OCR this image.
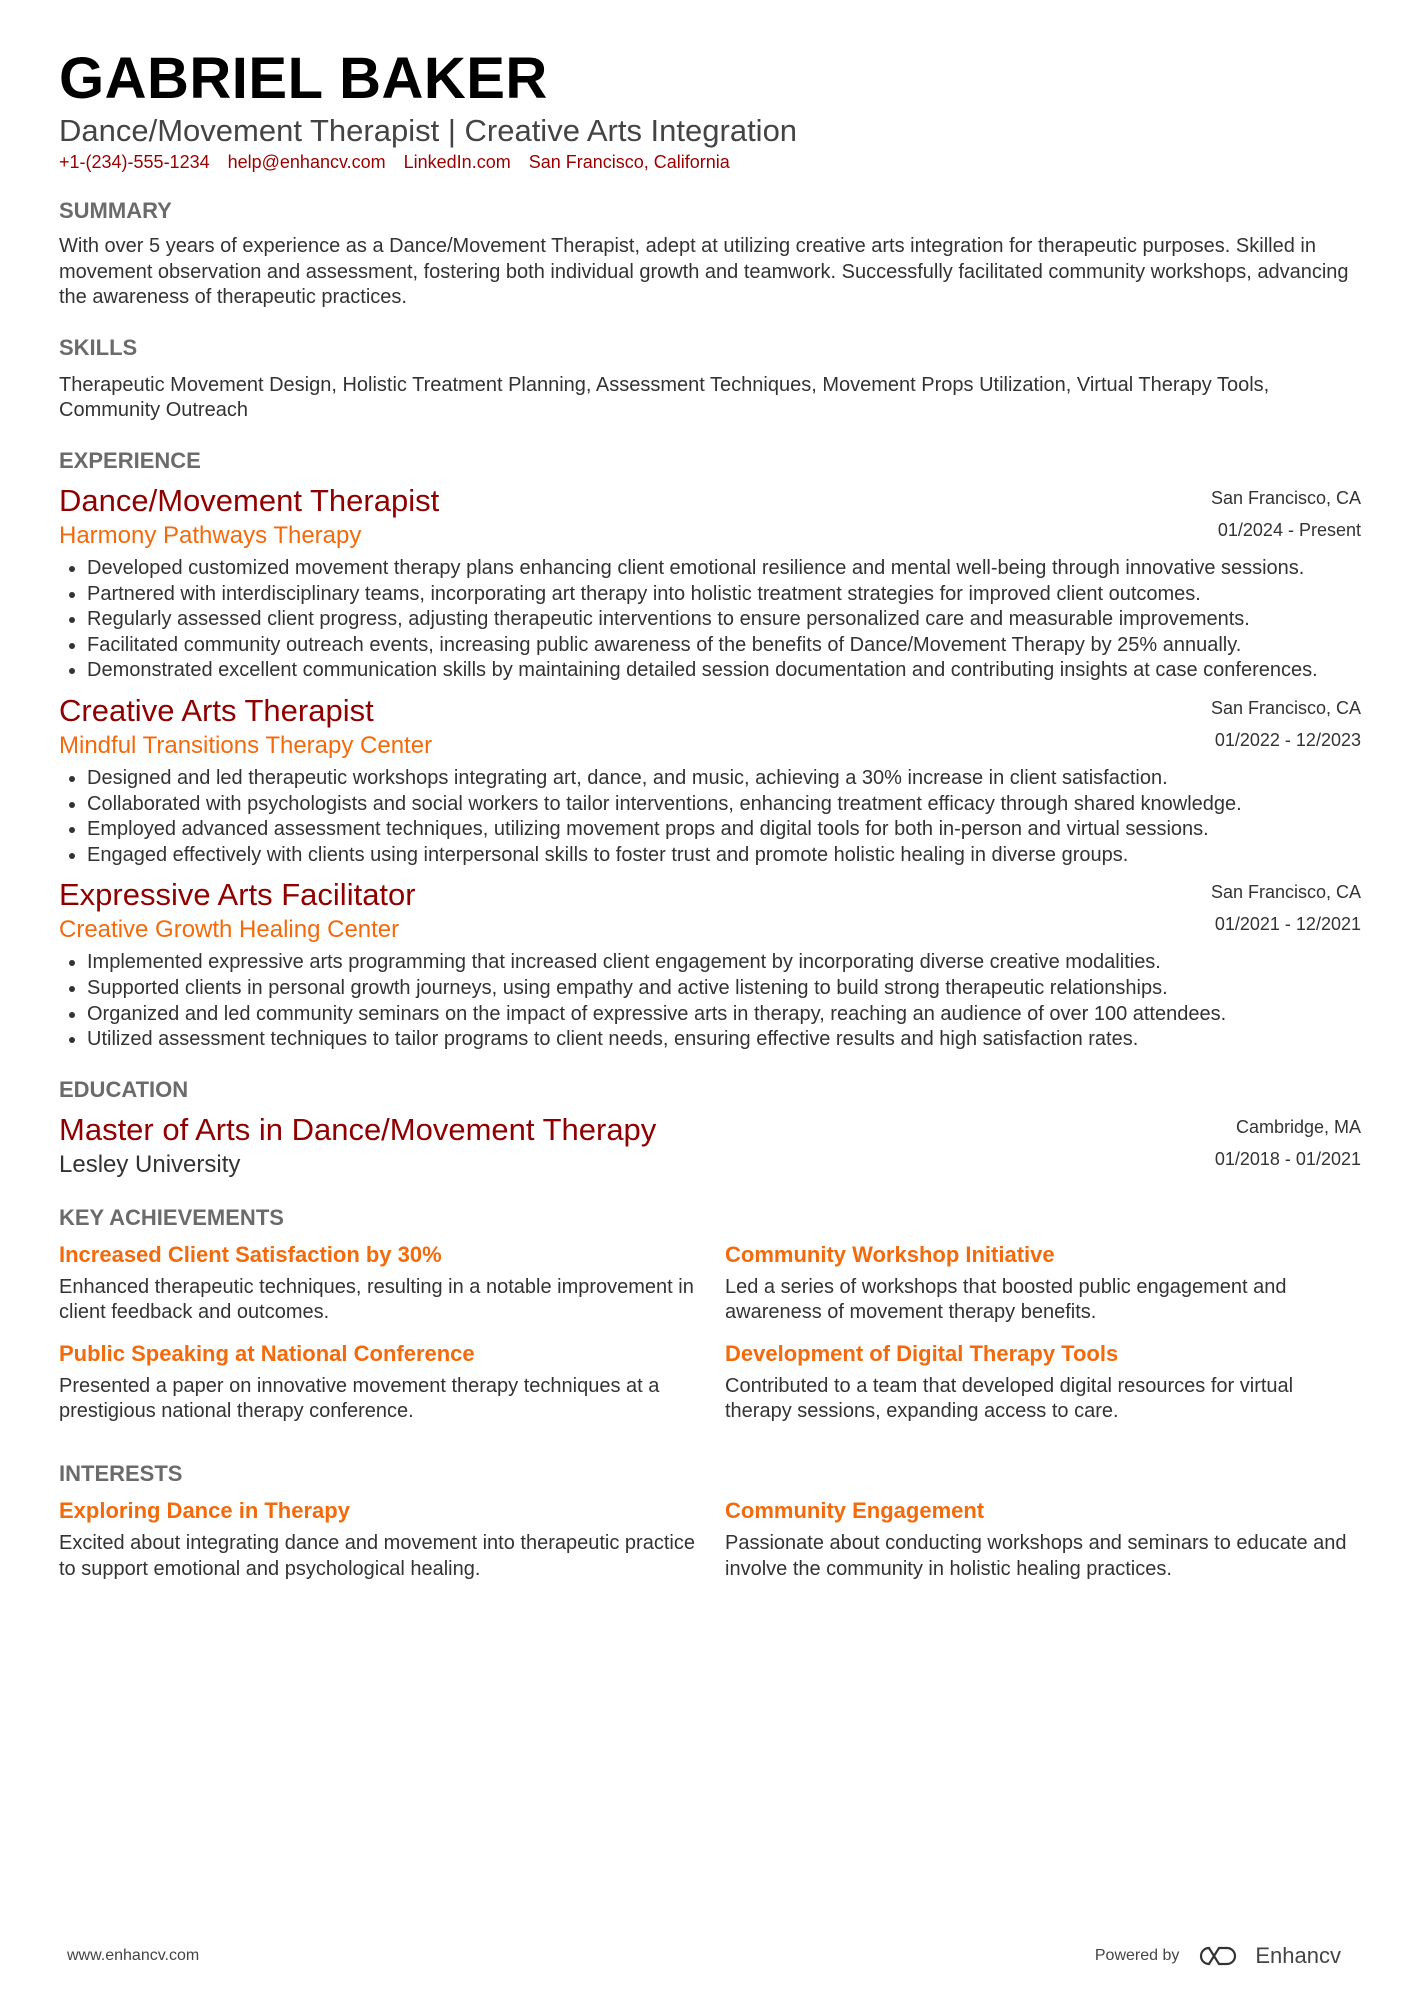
GABRIEL BAKER
Dance/Movement Therapist | Creative Arts Integration
+1-(234)-555-1234 help@enhancv.com LinkedIn.com San Francisco, California
SUMMARY
With over 5 years of experience as a Dance/Movement Therapist, adept at utilizing creative arts integration for therapeutic purposes. Skilled in movement observation and assessment, fostering both individual growth and teamwork. Successfully facilitated community workshops, advancing the awareness of therapeutic practices.
SKILLS
Therapeutic Movement Design, Holistic Treatment Planning, Assessment Techniques, Movement Props Utilization, Virtual Therapy Tools, Community Outreach
EXPERIENCE
Dance/Movement Therapist
Harmony Pathways Therapy
San Francisco, CA
01/2024 - Present
• Developed customized movement therapy plans enhancing client emotional resilience and mental well-being through innovative sessions.
• Partnered with interdisciplinary teams, incorporating art therapy into holistic treatment strategies for improved client outcomes.
• Regularly assessed client progress, adjusting therapeutic interventions to ensure personalized care and measurable improvements.
• Facilitated community outreach events, increasing public awareness of the benefits of Dance/Movement Therapy by 25% annually.
• Demonstrated excellent communication skills by maintaining detailed session documentation and contributing insights at case conferences.
Creative Arts Therapist
Mindful Transitions Therapy Center
San Francisco, CA
01/2022 - 12/2023
• Designed and led therapeutic workshops integrating art, dance, and music, achieving a 30% increase in client satisfaction.
• Collaborated with psychologists and social workers to tailor interventions, enhancing treatment efficacy through shared knowledge.
• Employed advanced assessment techniques, utilizing movement props and digital tools for both in-person and virtual sessions.
• Engaged effectively with clients using interpersonal skills to foster trust and promote holistic healing in diverse groups.
Expressive Arts Facilitator
Creative Growth Healing Center
San Francisco, CA
01/2021 - 12/2021
• Implemented expressive arts programming that increased client engagement by incorporating diverse creative modalities.
• Supported clients in personal growth journeys, using empathy and active listening to build strong therapeutic relationships.
• Organized and led community seminars on the impact of expressive arts in therapy, reaching an audience of over 100 attendees.
• Utilized assessment techniques to tailor programs to client needs, ensuring effective results and high satisfaction rates.
EDUCATION
Master of Arts in Dance/Movement Therapy
Lesley University
Cambridge, MA
01/2018 - 01/2021
KEY ACHIEVEMENTS
Increased Client Satisfaction by 30%
Enhanced therapeutic techniques, resulting in a notable improvement in client feedback and outcomes.
Community Workshop Initiative
Led a series of workshops that boosted public engagement and awareness of movement therapy benefits.
Public Speaking at National Conference
Presented a paper on innovative movement therapy techniques at a prestigious national therapy conference.
Development of Digital Therapy Tools
Contributed to a team that developed digital resources for virtual therapy sessions, expanding access to care.
INTERESTS
Exploring Dance in Therapy
Excited about integrating dance and movement into therapeutic practice to support emotional and psychological healing.
Community Engagement
Passionate about conducting workshops and seminars to educate and involve the community in holistic healing practices.
www.enhancv.com	Powered by	Enhancv
